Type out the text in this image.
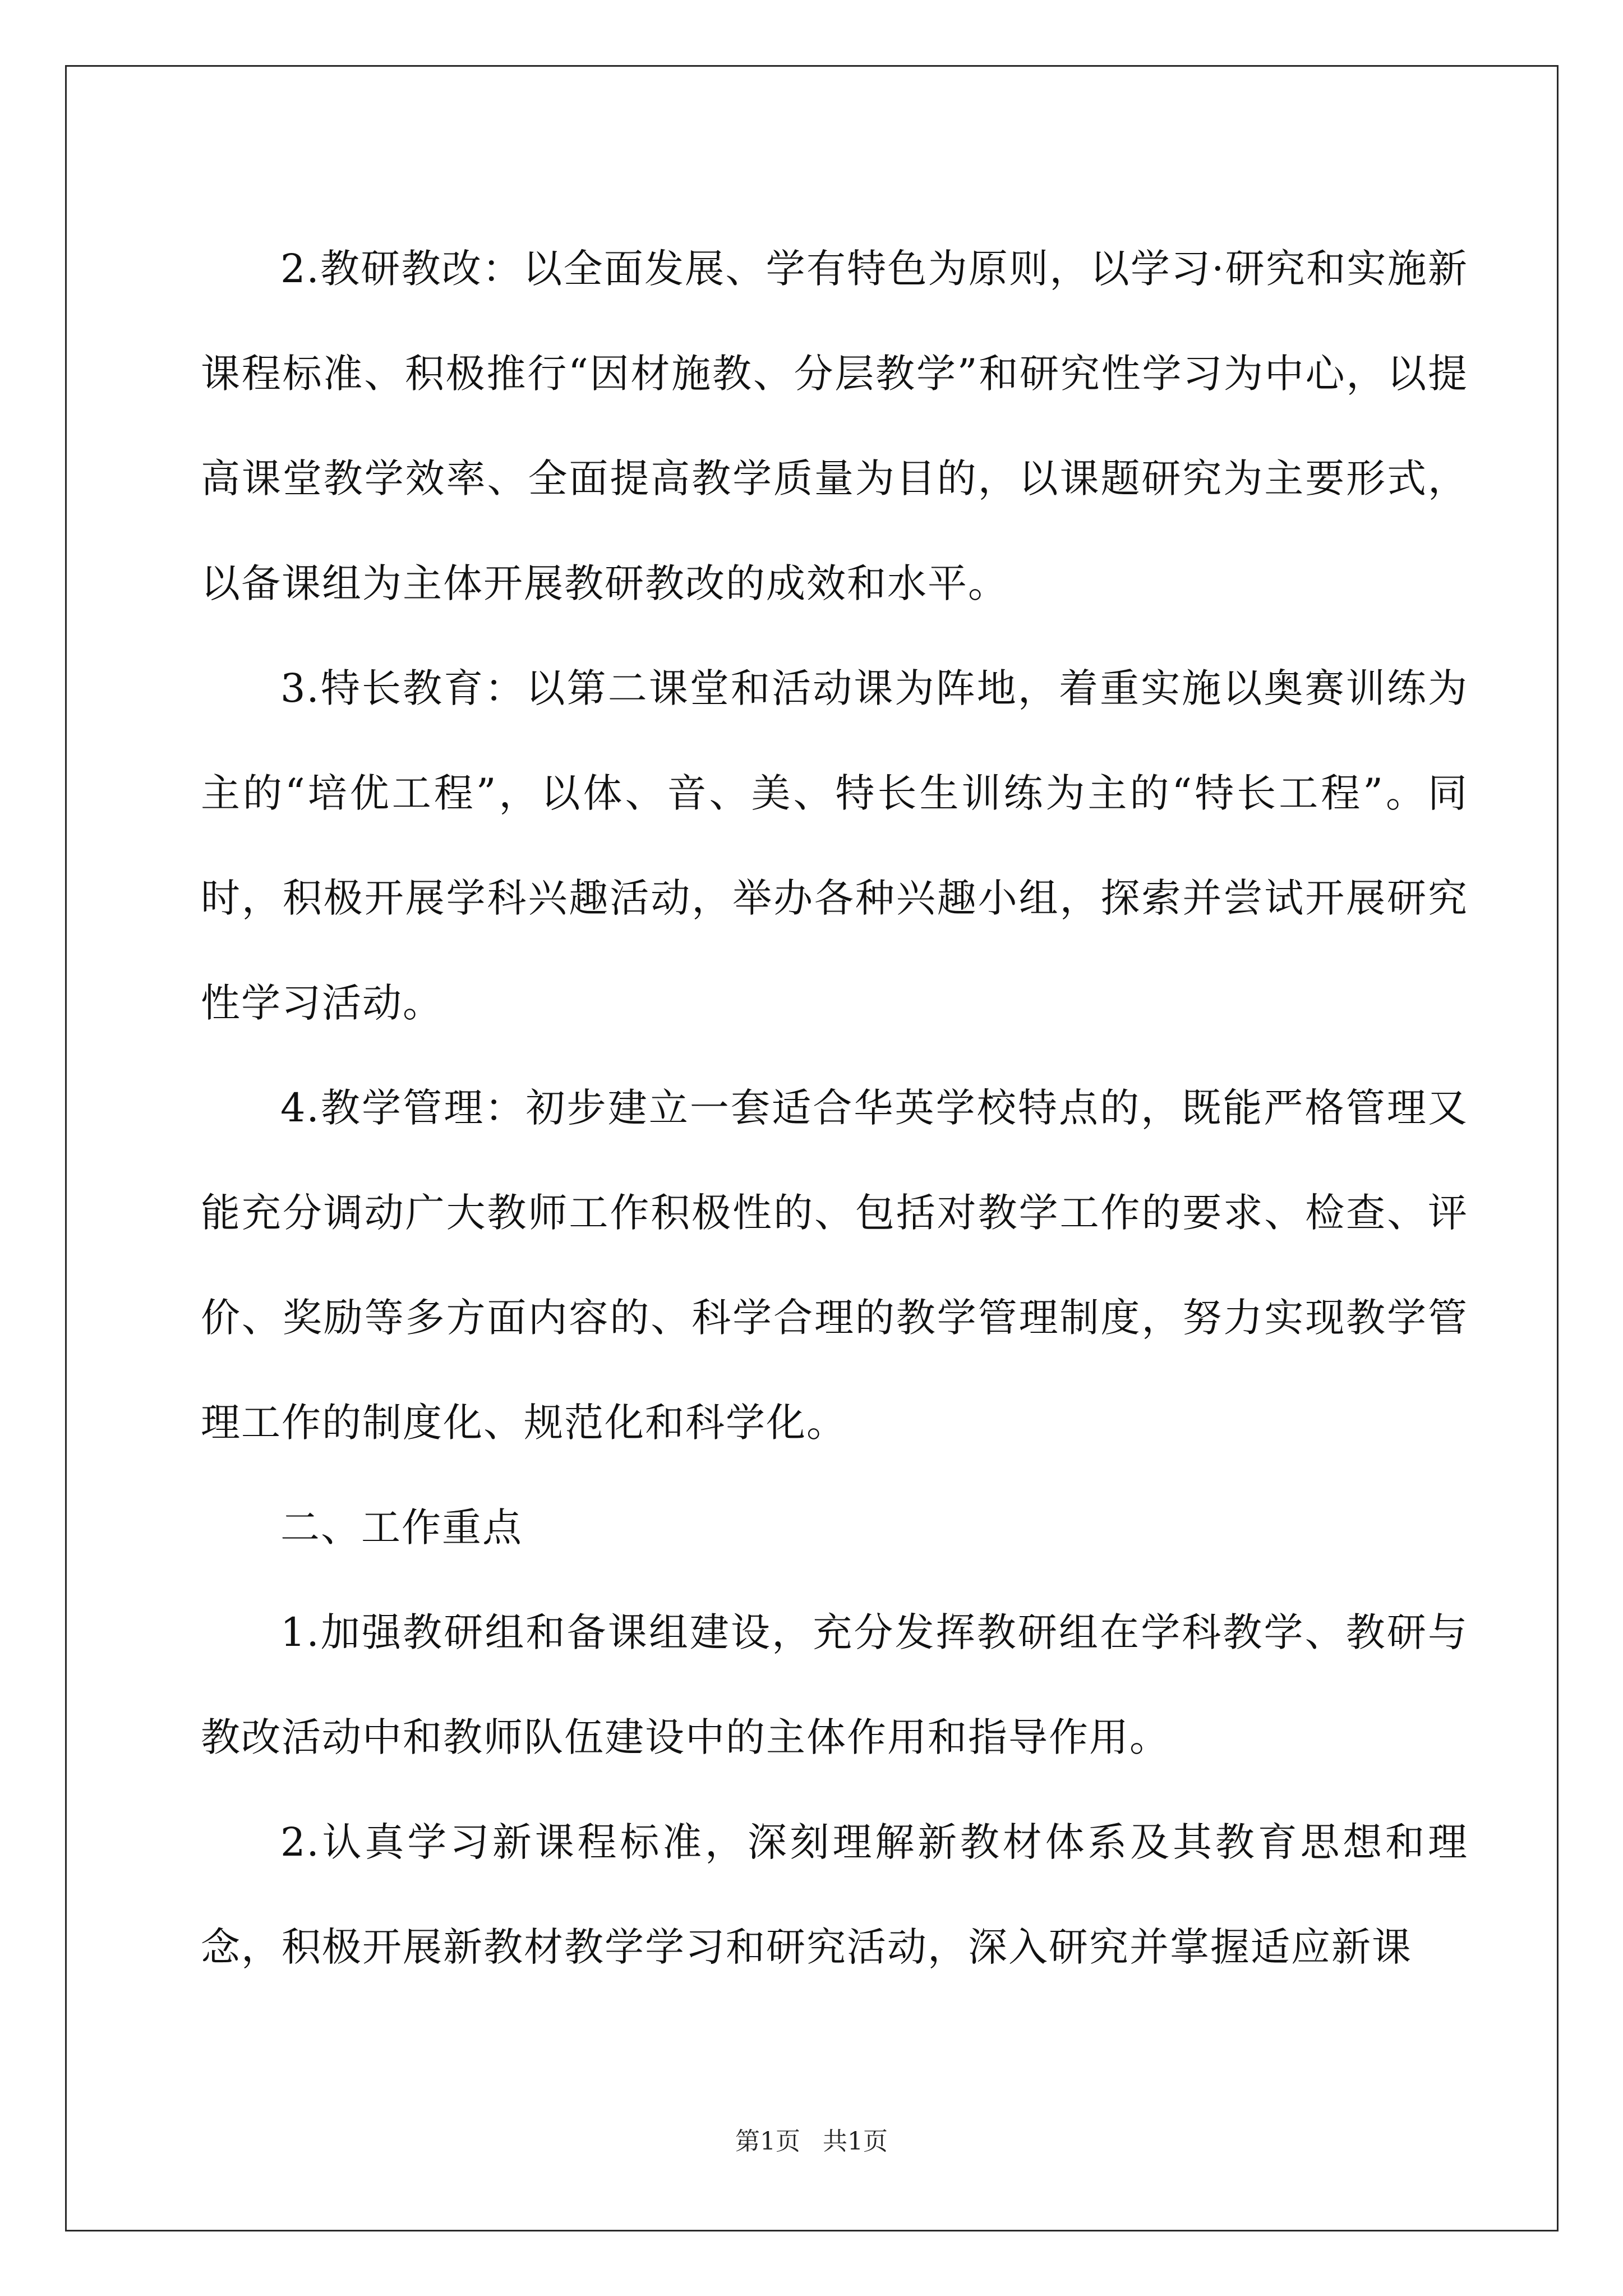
2.教研教改：以全面发展、学有特色为原则，以学习·研究和实施新课程标准、积极推行“因材施教、分层教学”和研究性学习为中心，以提高课堂教学效率、全面提高教学质量为目的，以课题研究为主要形式，以备课组为主体开展教研教改的成效和水平。

3.特长教育：以第二课堂和活动课为阵地，着重实施以奥赛训练为主的“培优工程”，以体、音、美、特长生训练为主的“特长工程”。同时，积极开展学科兴趣活动，举办各种兴趣小组，探索并尝试开展研究性学习活动。

4.教学管理：初步建立一套适合华英学校特点的，既能严格管理又能充分调动广大教师工作积极性的、包括对教学工作的要求、检查、评价、奖励等多方面内容的、科学合理的教学管理制度，努力实现教学管理工作的制度化、规范化和科学化。

二、工作重点

1.加强教研组和备课组建设，充分发挥教研组在学科教学、教研与教改活动中和教师队伍建设中的主体作用和指导作用。

2.认真学习新课程标准，深刻理解新教材体系及其教育思想和理念，积极开展新教材教学学习和研究活动，深入研究并掌握适应新课

第1页 共1页
